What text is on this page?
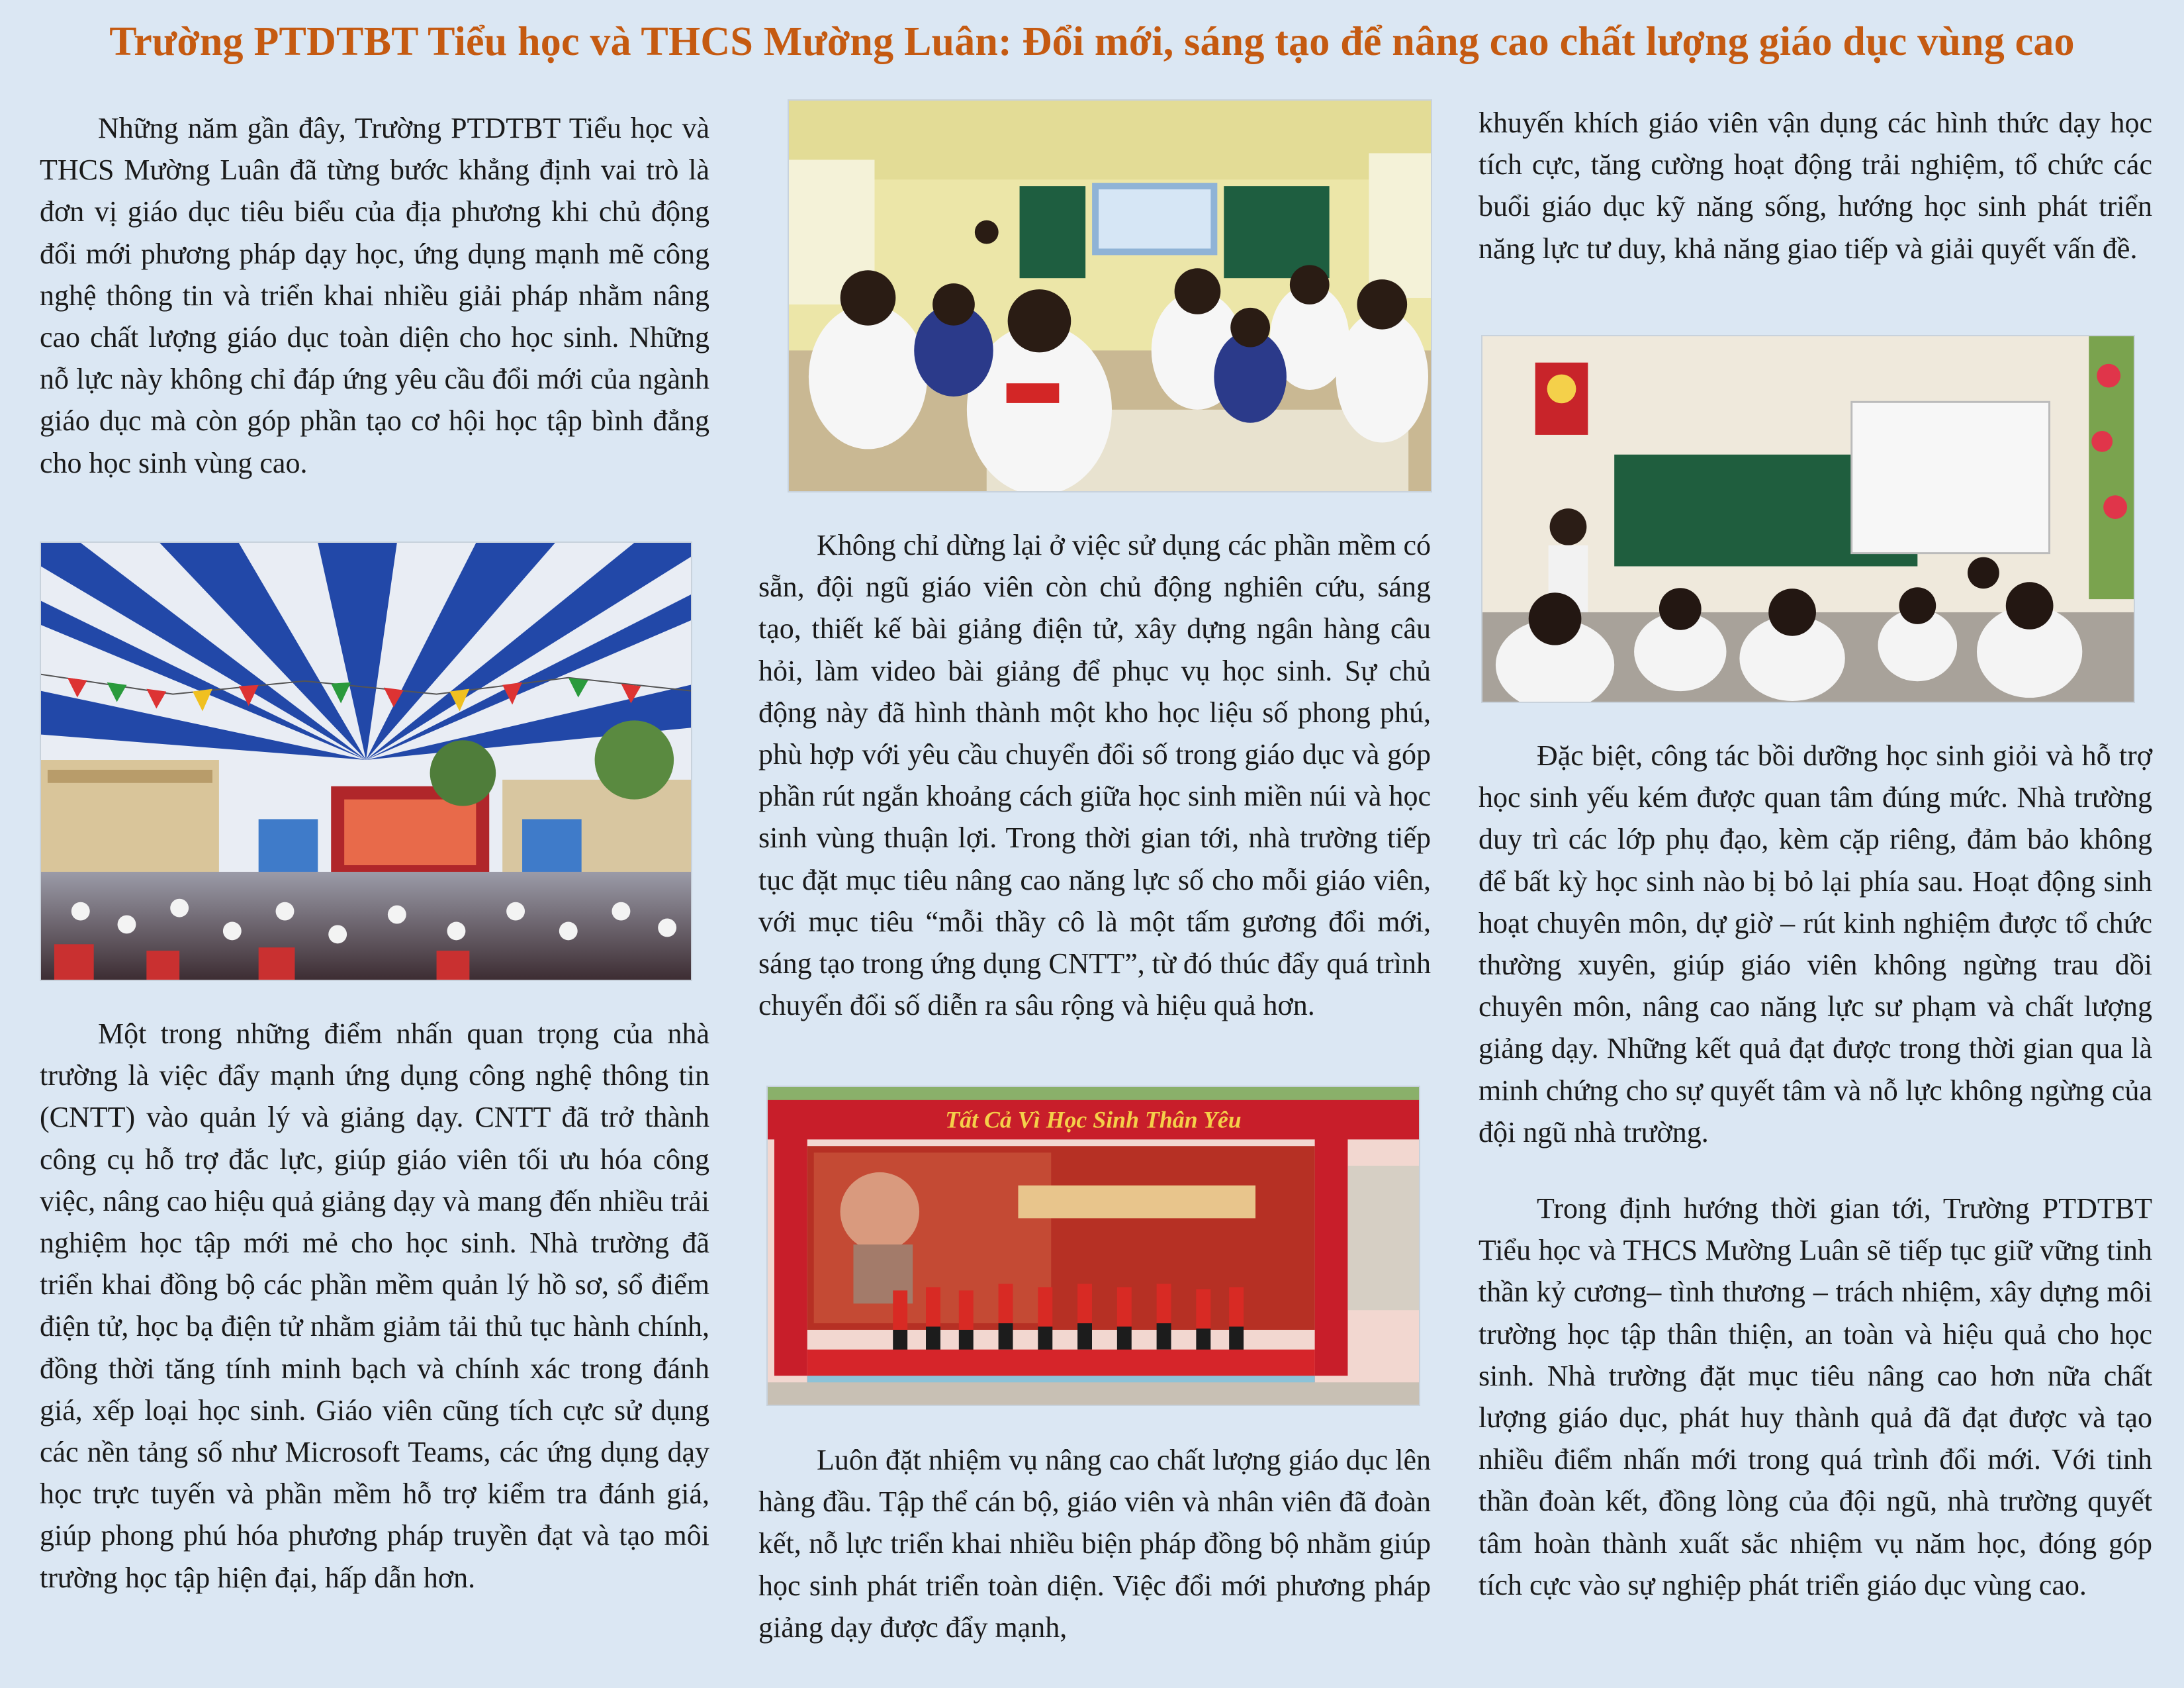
Trường PTDTBT Tiểu học và THCS Mường Luân: Đổi mới, sáng tạo để nâng cao chất lượng giáo dục vùng cao

Những năm gần đây, Trường PTDTBT Tiểu học và THCS Mường Luân đã từng bước khẳng định vai trò là đơn vị giáo dục tiêu biểu của địa phương khi chủ động đổi mới phương pháp dạy học, ứng dụng mạnh mẽ công nghệ thông tin và triển khai nhiều giải pháp nhằm nâng cao chất lượng giáo dục toàn diện cho học sinh. Những nỗ lực này không chỉ đáp ứng yêu cầu đổi mới của ngành giáo dục mà còn góp phần tạo cơ hội học tập bình đẳng cho học sinh vùng cao.

Một trong những điểm nhấn quan trọng của nhà trường là việc đẩy mạnh ứng dụng công nghệ thông tin (CNTT) vào quản lý và giảng dạy. CNTT đã trở thành công cụ hỗ trợ đắc lực, giúp giáo viên tối ưu hóa công việc, nâng cao hiệu quả giảng dạy và mang đến nhiều trải nghiệm học tập mới mẻ cho học sinh. Nhà trường đã triển khai đồng bộ các phần mềm quản lý hồ sơ, sổ điểm điện tử, học bạ điện tử nhằm giảm tải thủ tục hành chính, đồng thời tăng tính minh bạch và chính xác trong đánh giá, xếp loại học sinh. Giáo viên cũng tích cực sử dụng các nền tảng số như Microsoft Teams, các ứng dụng dạy học trực tuyến và phần mềm hỗ trợ kiểm tra đánh giá, giúp phong phú hóa phương pháp truyền đạt và tạo môi trường học tập hiện đại, hấp dẫn hơn.

Không chỉ dừng lại ở việc sử dụng các phần mềm có sẵn, đội ngũ giáo viên còn chủ động nghiên cứu, sáng tạo, thiết kế bài giảng điện tử, xây dựng ngân hàng câu hỏi, làm video bài giảng để phục vụ học sinh. Sự chủ động này đã hình thành một kho học liệu số phong phú, phù hợp với yêu cầu chuyển đổi số trong giáo dục và góp phần rút ngắn khoảng cách giữa học sinh miền núi và học sinh vùng thuận lợi. Trong thời gian tới, nhà trường tiếp tục đặt mục tiêu nâng cao năng lực số cho mỗi giáo viên, với mục tiêu “mỗi thầy cô là một tấm gương đổi mới, sáng tạo trong ứng dụng CNTT”, từ đó thúc đẩy quá trình chuyển đổi số diễn ra sâu rộng và hiệu quả hơn.

Tất Cả Vì Học Sinh Thân Yêu

Luôn đặt nhiệm vụ nâng cao chất lượng giáo dục lên hàng đầu. Tập thể cán bộ, giáo viên và nhân viên đã đoàn kết, nỗ lực triển khai nhiều biện pháp đồng bộ nhằm giúp học sinh phát triển toàn diện. Việc đổi mới phương pháp giảng dạy được đẩy mạnh,

khuyến khích giáo viên vận dụng các hình thức dạy học tích cực, tăng cường hoạt động trải nghiệm, tổ chức các buổi giáo dục kỹ năng sống, hướng học sinh phát triển năng lực tư duy, khả năng giao tiếp và giải quyết vấn đề.

Đặc biệt, công tác bồi dưỡng học sinh giỏi và hỗ trợ học sinh yếu kém được quan tâm đúng mức. Nhà trường duy trì các lớp phụ đạo, kèm cặp riêng, đảm bảo không để bất kỳ học sinh nào bị bỏ lại phía sau. Hoạt động sinh hoạt chuyên môn, dự giờ – rút kinh nghiệm được tổ chức thường xuyên, giúp giáo viên không ngừng trau dồi chuyên môn, nâng cao năng lực sư phạm và chất lượng giảng dạy. Những kết quả đạt được trong thời gian qua là minh chứng cho sự quyết tâm và nỗ lực không ngừng của đội ngũ nhà trường.

Trong định hướng thời gian tới, Trường PTDTBT Tiểu học và THCS Mường Luân sẽ tiếp tục giữ vững tinh thần kỷ cương– tình thương – trách nhiệm, xây dựng môi trường học tập thân thiện, an toàn và hiệu quả cho học sinh. Nhà trường đặt mục tiêu nâng cao hơn nữa chất lượng giáo dục, phát huy thành quả đã đạt được và tạo nhiều điểm nhấn mới trong quá trình đổi mới. Với tinh thần đoàn kết, đồng lòng của đội ngũ, nhà trường quyết tâm hoàn thành xuất sắc nhiệm vụ năm học, đóng góp tích cực vào sự nghiệp phát triển giáo dục vùng cao.
